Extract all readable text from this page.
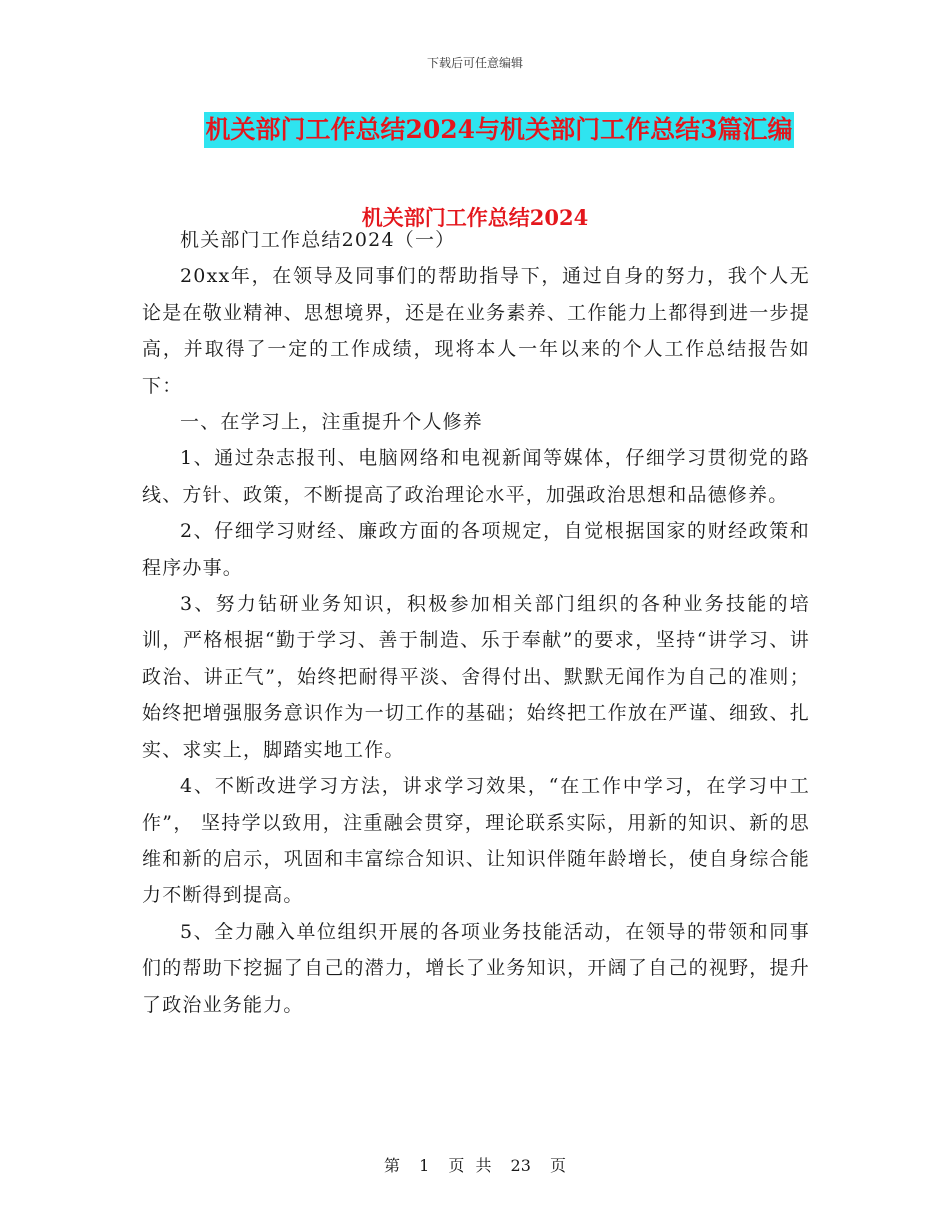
下载后可任意编辑
机关部门工作总结2024与机关部门工作总结3篇汇编
机关部门工作总结2024

机关部门工作总结2024（一）

20xx年，在领导及同事们的帮助指导下，通过自身的努力，我个人无论是在敬业精神、思想境界，还是在业务素养、工作能力上都得到进一步提高，并取得了一定的工作成绩，现将本人一年以来的个人工作总结报告如下：

一、在学习上，注重提升个人修养

1、通过杂志报刊、电脑网络和电视新闻等媒体，仔细学习贯彻党的路线、方针、政策，不断提高了政治理论水平，加强政治思想和品德修养。

2、仔细学习财经、廉政方面的各项规定，自觉根据国家的财经政策和程序办事。

3、努力钻研业务知识，积极参加相关部门组织的各种业务技能的培训，严格根据“勤于学习、善于制造、乐于奉献”的要求，坚持“讲学习、讲政治、讲正气”，始终把耐得平淡、舍得付出、默默无闻作为自己的准则；始终把增强服务意识作为一切工作的基础；始终把工作放在严谨、细致、扎实、求实上，脚踏实地工作。

4、不断改进学习方法，讲求学习效果，“在工作中学习，在学习中工作”， 坚持学以致用，注重融会贯穿，理论联系实际，用新的知识、新的思维和新的启示，巩固和丰富综合知识、让知识伴随年龄增长，使自身综合能力不断得到提高。

5、全力融入单位组织开展的各项业务技能活动，在领导的带领和同事们的帮助下挖掘了自己的潜力，增长了业务知识，开阔了自己的视野，提升了政治业务能力。

第 1 页 共 23 页
